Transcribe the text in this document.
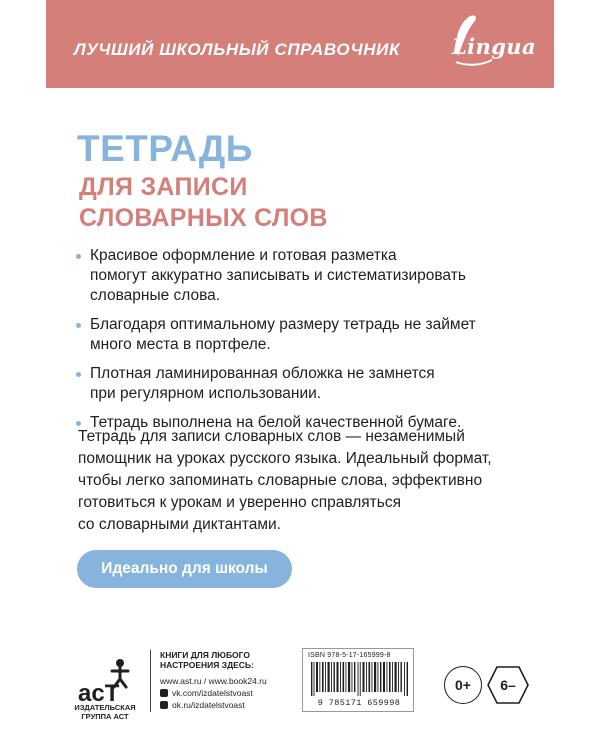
ЛУЧШИЙ ШКОЛЬНЫЙ СПРАВОЧНИК Lingua
ТЕТРАДЬ
ДЛЯ ЗАПИСИ
СЛОВАРНЫХ СЛОВ
Красивое оформление и готовая разметка
помогут аккуратно записывать и систематизировать
словарные слова.
Благодаря оптимальному размеру тетрадь не займет
много места в портфеле.
Плотная ламинированная обложка не замнется
при регулярном использовании.
Тетрадь выполнена на белой качественной бумаге.
Тетрадь для записи словарных слов — незаменимый
помощник на уроках русского языка. Идеальный формат,
чтобы легко запоминать словарные слова, эффективно
готовиться к урокам и уверенно справляться
со словарными диктантами.
Идеально для школы
acT
ИЗДАТЕЛЬСКАЯ
ГРУППА АСТ
КНИГИ ДЛЯ ЛЮБОГО
НАСТРОЕНИЯ ЗДЕСЬ:
www.ast.ru / www.book24.ru
vk.com/izdatelstvoast
ok.ru/izdatelstvoast
ISBN 978-5-17-165999-8
9 785171 659998
0+	6–
